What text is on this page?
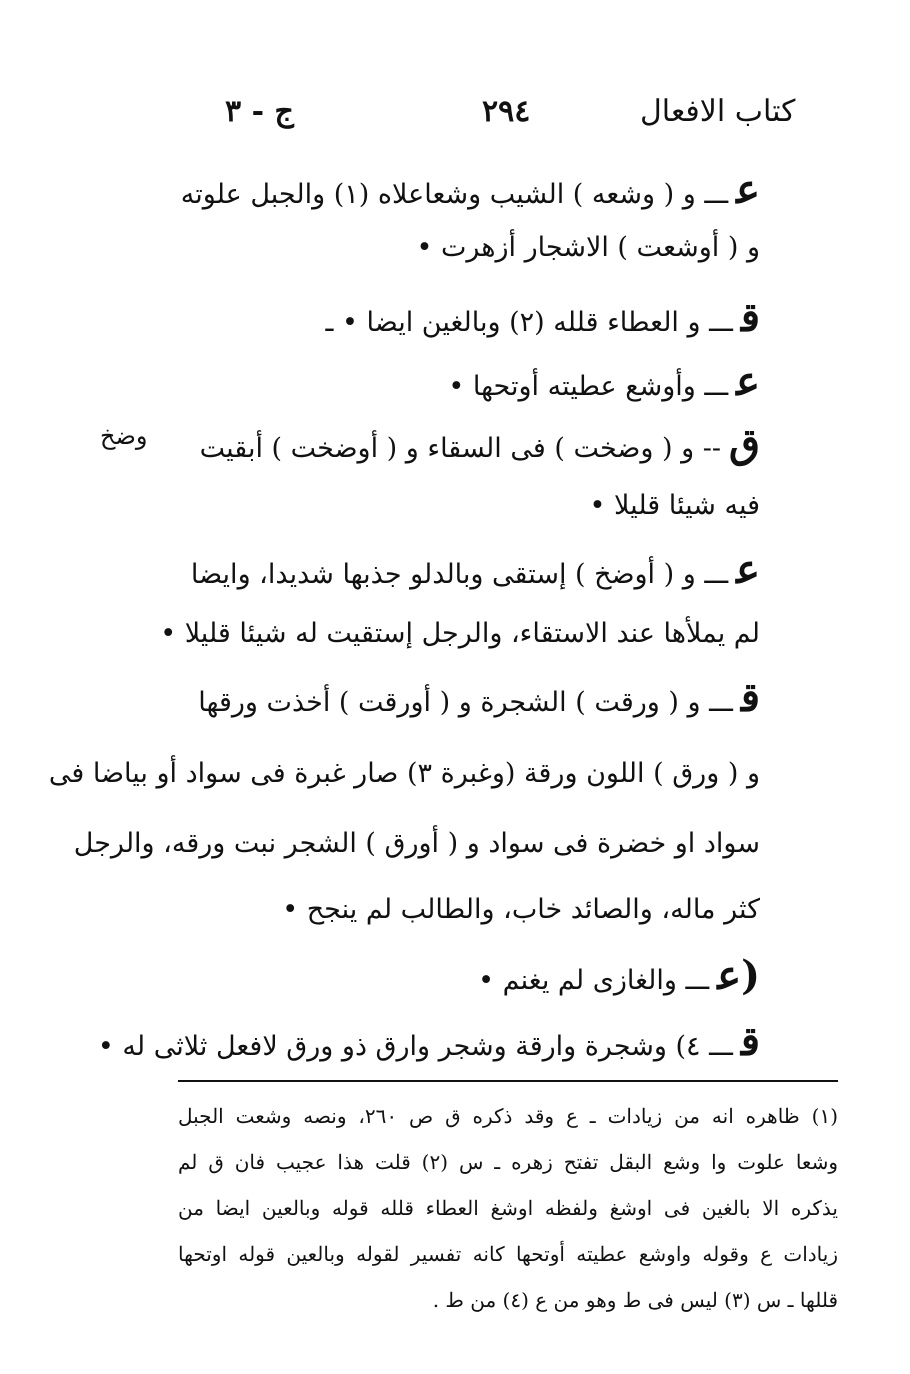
كتاب الافعال
٢٩٤
ج - ٣
وضخ
عـــ و ( وشعه ) الشيب وشعاعلاه (١) والجبل علوته
و ( أوشعت ) الاشجار أزهرت •
قـــ و العطاء قلله (٢) وبالغين ايضا • ـ
عـــ وأوشع عطيته أوتحها •
ق-- و ( وضخت ) فى السقاء و ( أوضخت ) أبقيت
فيه شيئا قليلا •
عـــ و ( أوضخ ) إستقى وبالدلو جذبها شديدا، وايضا
لم يملأها عند الاستقاء، والرجل إستقيت له شيئا قليلا •
قـــ و ( ورقت ) الشجرة و ( أورقت ) أخذت ورقها
و ( ورق ) اللون ورقة (وغبرة ٣) صار غبرة فى سواد أو بياضا فى
سواد او خضرة فى سواد و ( أورق ) الشجر نبت ورقه، والرجل
كثر ماله، والصائد خاب، والطالب لم ينجح •
(عـــ والغازى لم يغنم •
قـــ ٤) وشجرة وارقة وشجر وارق ذو ورق لافعل ثلاثى له •
(١) ظاهره انه من زيادات ـ ع وقد ذكره ق ص ٢٦٠، ونصه وشعت الجبل
وشعا علوت وا وشع البقل تفتح زهره ـ س (٢) قلت هذا عجيب فان ق لم
يذكره الا بالغين فى اوشغ ولفظه اوشغ العطاء قلله قوله وبالعين ايضا من
زيادات ع وقوله واوشع عطيته أوتحها كانه تفسير لقوله وبالعين قوله اوتحها
قللها ـ س (٣) ليس فى ط وهو من ع (٤) من ط .
